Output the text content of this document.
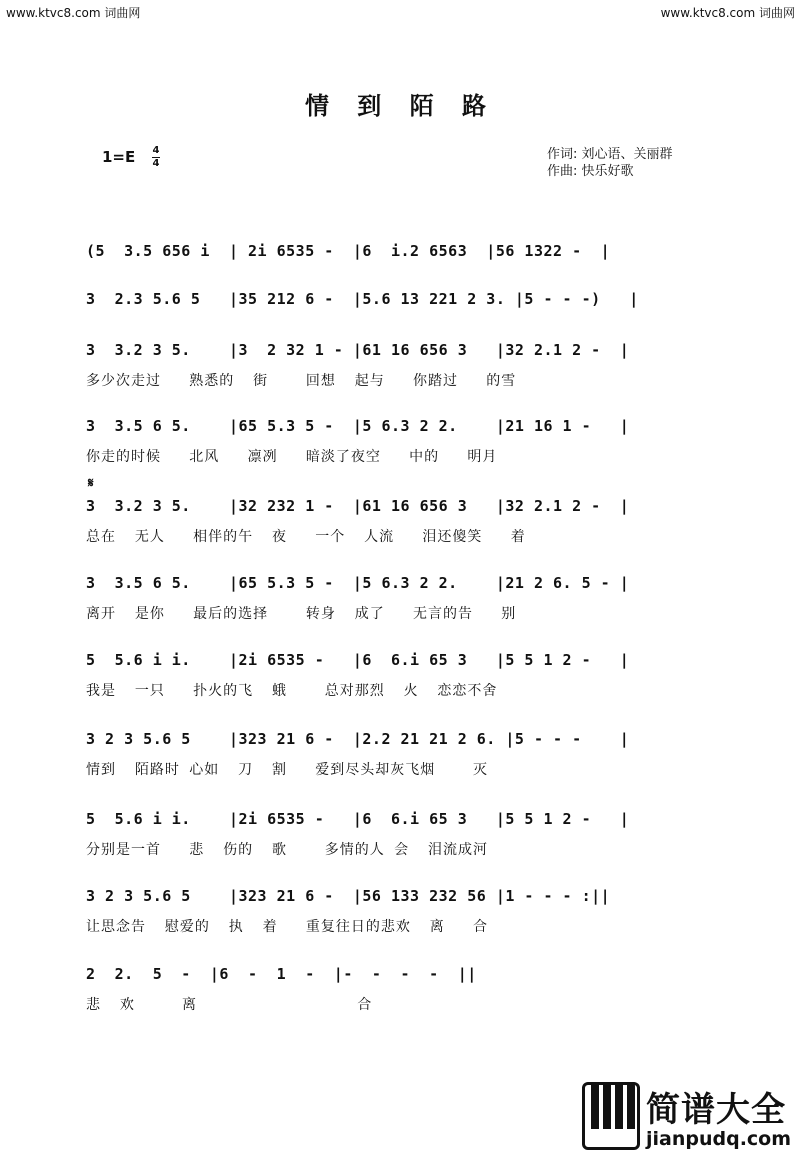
www.ktvc8.com 词曲网	www.ktvc8.com 词曲网
情 到 陌 路
1=E 4
4
作词: 刘心语、关丽群
作曲: 快乐好歌
𝄋
(5  3.5 656 i  | 2i 6535 -  |6  i.2 6563  |56 1322 -  |
3  2.3 5.6 5   |35 212 6 -  |5.6 13 221 2 3. |5 - - -)   |
3  3.2 3 5.    |3  2 32 1 - |61 16 656 3   |32 2.1 2 -  |
多少次走过   熟悉的  街    回想  起与   你踏过   的雪
3  3.5 6 5.    |65 5.3 5 -  |5 6.3 2 2.    |21 16 1 -   |
你走的时候   北风   凛冽   暗淡了夜空   中的   明月
3  3.2 3 5.    |32 232 1 -  |61 16 656 3   |32 2.1 2 -  |
总在  无人   相伴的午  夜   一个  人流   泪还傻笑   着
3  3.5 6 5.    |65 5.3 5 -  |5 6.3 2 2.    |21 2 6. 5 - |
离开  是你   最后的选择    转身  成了   无言的告   别
5  5.6 i i.    |2i 6535 -   |6  6.i 65 3   |5 5 1 2 -   |
我是  一只   扑火的飞  蛾    总对那烈  火  恋恋不舍
3 2 3 5.6 5    |323 21 6 -  |2.2 21 21 2 6. |5 - - -    |
情到  陌路时 心如  刀  割   爱到尽头却灰飞烟    灭
5  5.6 i i.    |2i 6535 -   |6  6.i 65 3   |5 5 1 2 -   |
分别是一首   悲  伤的  歌    多情的人 会  泪流成河
3 2 3 5.6 5    |323 21 6 -  |56 133 232 56 |1 - - - :||
让思念告  慰爱的  执  着   重复往日的悲欢  离   合
2  2.  5  -  |6  -  1  -  |-  -  -  -  ||
悲  欢     离                 合
简谱大全
jianpudq.com
